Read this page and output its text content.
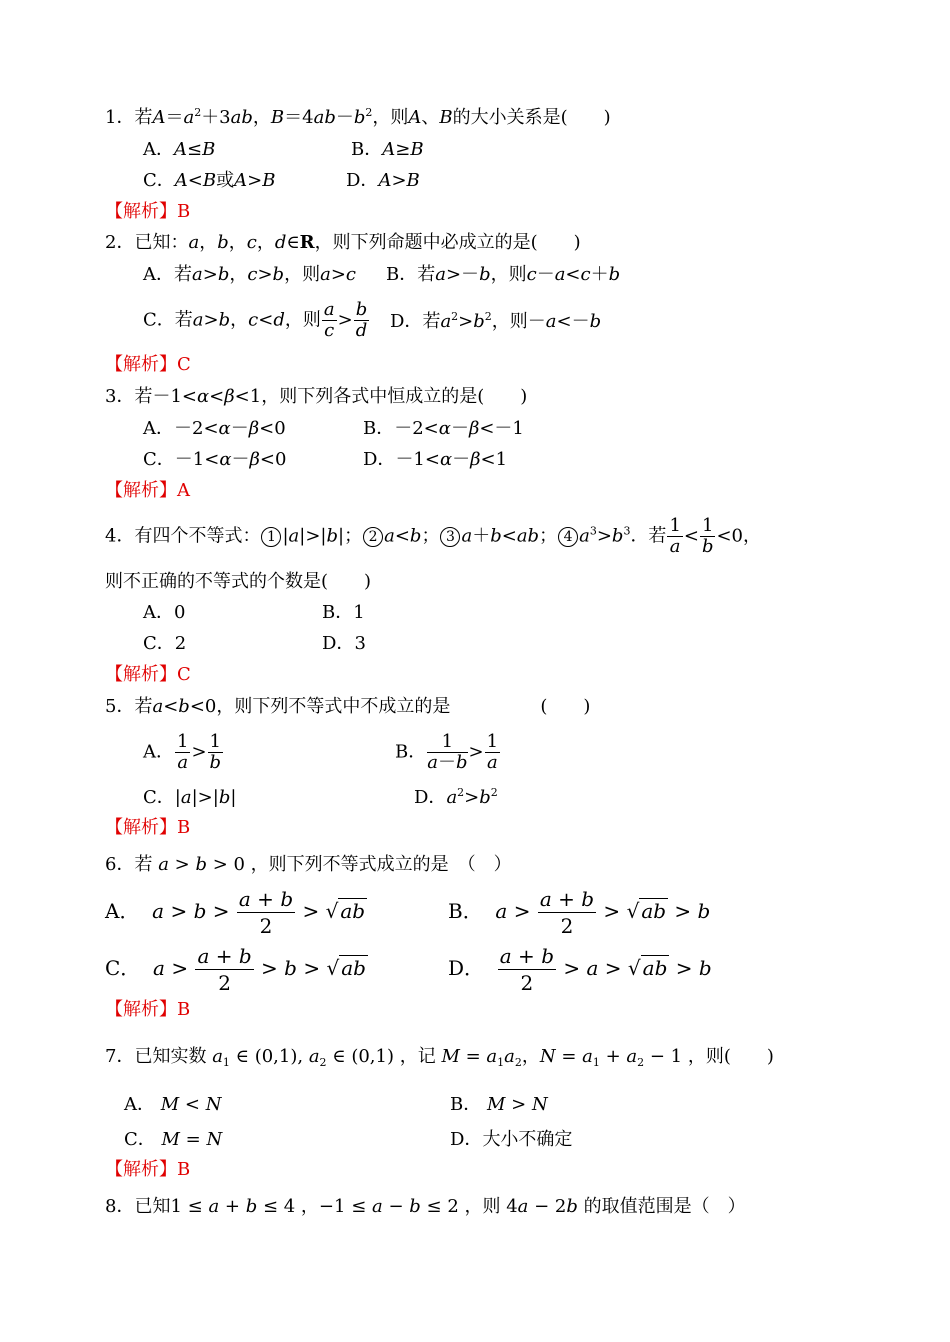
1．若$A=a^2+3ab$，$B=4ab-b^2$，则A、B的大小关系是(　　)
A．A≤B	B．A≥B
C．A<B或A>B	D．A>B
【解析】B
2．已知：a，b，c，d∈R，则下列命题中必成立的是(　　)
A．若a>b，c>b，则a>c B．若a>－b，则c－a<c＋b
C．若a>b，c<d，则 $\frac{a}{c} > \frac{b}{d}$ D．若$a^2>b^2$，则－a<－b
【解析】C
3．若－1<α<β<1，则下列各式中恒成立的是(　　)
A．－2<α－β<0	B．－2<α－β<－1
C．－1<α－β<0	D．－1<α－β<1
【解析】A
4．有四个不等式： 1 |a|>|b|； 2 a<b； 3 a＋b<ab； 4 $a^3>b^3$．若 $\frac{1}{a} < \frac{1}{b} <0$，
则不正确的不等式的个数是(　　)
A．0	B．1
C．2	D．3
【解析】C
5．若a<b<0，则下列不等式中不成立的是　　　　　(　　)
A． $\frac{1}{a} > \frac{1}{b}$	B． $\frac{1}{a-b} > \frac{1}{a}$
C．|a|>|b|	D．$a^2>b^2$
【解析】B
6．若 a > b > 0 ，则下列不等式成立的是　（　）
A． $a > b > \frac{a + b}{2}$ > √ ab	B． $a > \frac{a + b}{2}$ > √ ab > b
C． $a > \frac{a + b}{2} > b$ > √ ab	D． $\frac{a + b}{2} > a$ > √ ab > b
【解析】B
7．已知实数 $a_1$ ∈ (0,1), $a_2$ ∈ (0,1) ，记 $M = a_1a_2$，$N = a_1 + a_2 - 1$ ，则(　　)
A． M < N	B． M > N
C． M = N	D．大小不确定
【解析】B
8．已知1 ≤ a + b ≤ 4 ，−1 ≤ a − b ≤ 2 ，则 4a − 2b 的取值范围是（　）
